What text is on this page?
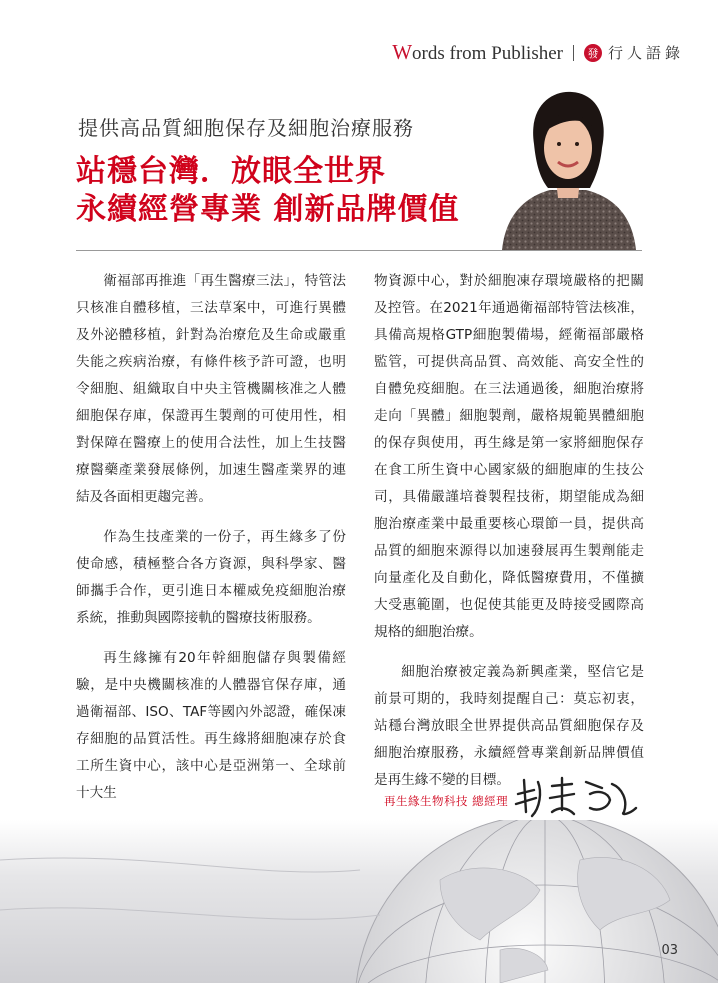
Words from Publisher	發 行人語錄
提供高品質細胞保存及細胞治療服務
站穩台灣．放眼全世界
永續經營專業 創新品牌價值

衛福部再推進「再生醫療三法」，特管法只核准自體移植，三法草案中，可進行異體及外泌體移植，針對為治療危及生命或嚴重失能之疾病治療，有條件核予許可證，也明令細胞、組織取自中央主管機關核准之人體細胞保存庫，保證再生製劑的可使用性，相對保障在醫療上的使用合法性，加上生技醫療醫藥產業發展條例，加速生醫產業界的連結及各面相更趨完善。

作為生技產業的一份子，再生緣多了份使命感，積極整合各方資源，與科學家、醫師攜手合作，更引進日本權威免疫細胞治療系統，推動與國際接軌的醫療技術服務。

再生緣擁有20年幹細胞儲存與製備經驗，是中央機關核准的人體器官保存庫，通過衛福部、ISO、TAF等國內外認證，確保凍存細胞的品質活性。再生緣將細胞凍存於食工所生資中心，該中心是亞洲第一、全球前十大生

物資源中心，對於細胞凍存環境嚴格的把關及控管。在2021年通過衛福部特管法核准，具備高規格GTP細胞製備場，經衛福部嚴格監管，可提供高品質、高效能、高安全性的自體免疫細胞。在三法通過後，細胞治療將走向「異體」細胞製劑，嚴格規範異體細胞的保存與使用，再生緣是第一家將細胞保存在食工所生資中心國家級的細胞庫的生技公司，具備嚴謹培養製程技術，期望能成為細胞治療產業中最重要核心環節一員，提供高品質的細胞來源得以加速發展再生製劑能走向量產化及自動化，降低醫療費用，不僅擴大受惠範圍，也促使其能更及時接受國際高規格的細胞治療。

細胞治療被定義為新興產業，堅信它是前景可期的，我時刻提醒自己：莫忘初衷，站穩台灣放眼全世界提供高品質細胞保存及細胞治療服務，永續經營專業創新品牌價值是再生緣不變的目標。

再生緣生物科技 總經理
03
